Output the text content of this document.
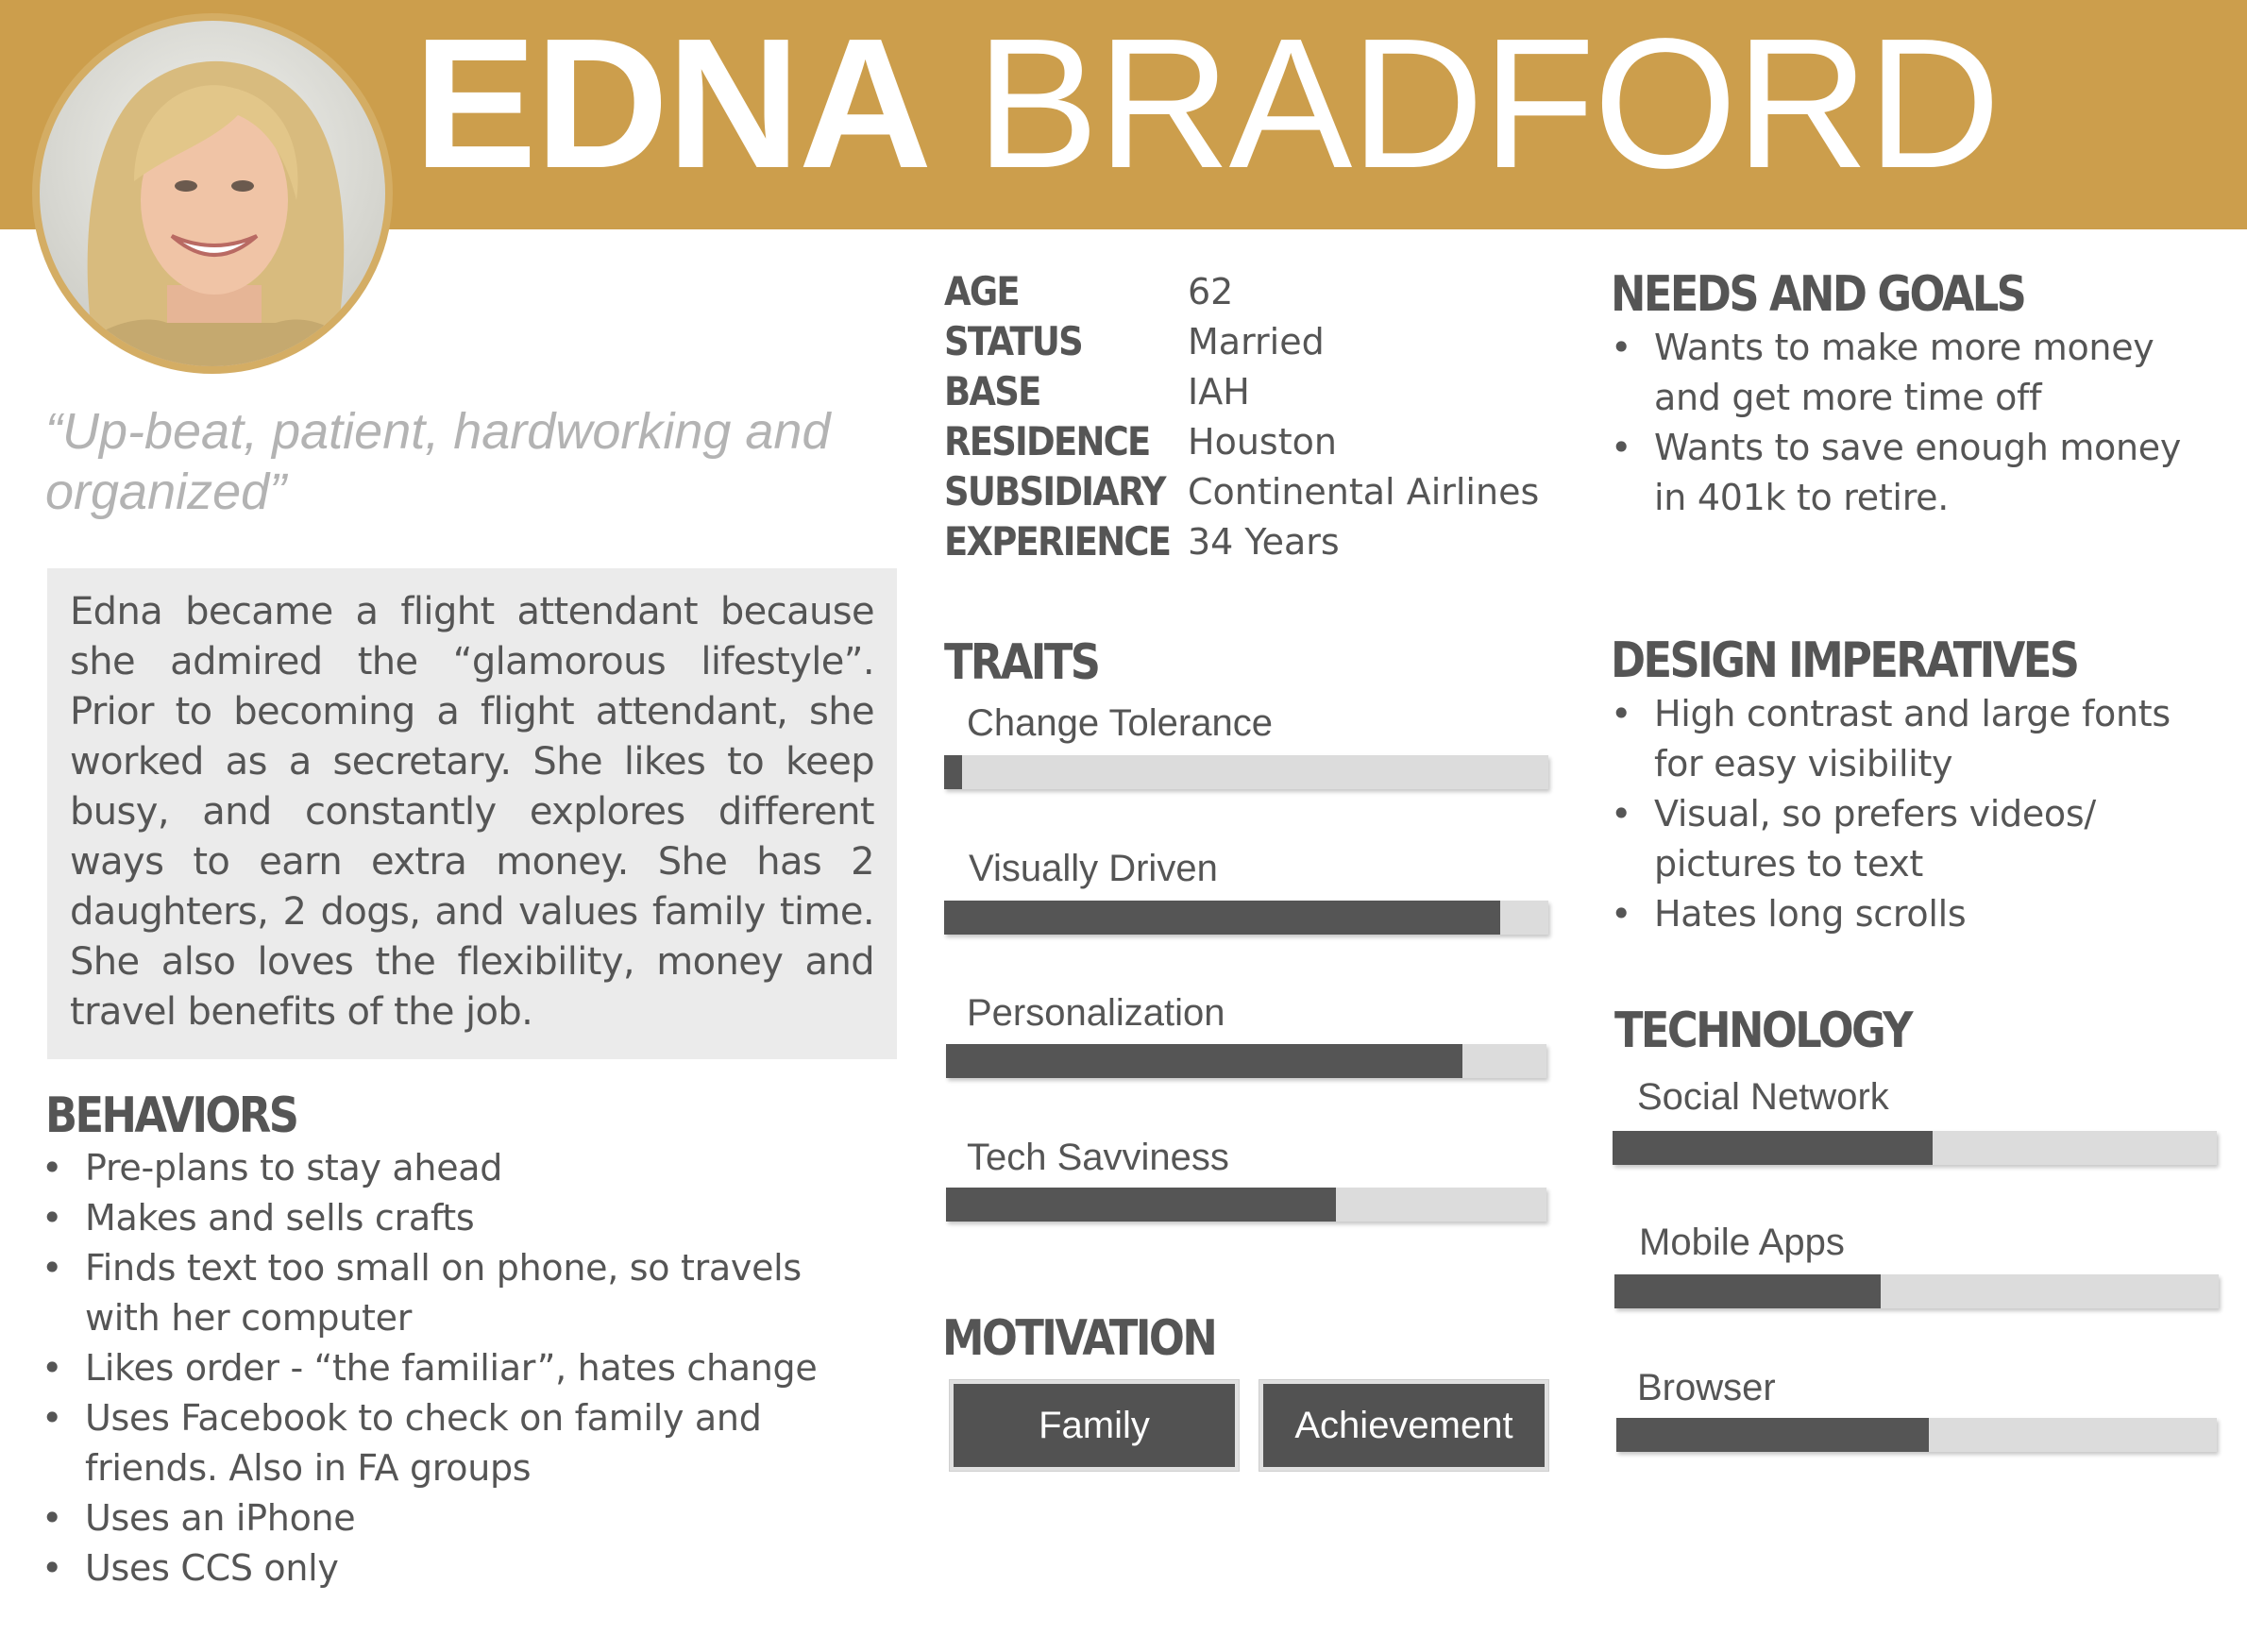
EDNA BRADFORD
“Up-beat, patient, hardworking and organized”

Edna became a flight attendant because she admired the “glamorous lifestyle”. Prior to becoming a flight attendant, she worked as a secretary. She likes to keep busy, and constantly explores different ways to earn extra money. She has 2 daughters, 2 dogs, and values family time. She also loves the flexibility, money and travel benefits of the job.

BEHAVIORS
• Pre-plans to stay ahead
• Makes and sells crafts
• Finds text too small on phone, so travels with her computer
• Likes order - “the familiar”, hates change
• Uses Facebook to check on family and friends. Also in FA groups
• Uses an iPhone
• Uses CCS only
AGE	62
STATUS	Married
BASE	IAH
RESIDENCE Houston
SUBSIDIARY Continental Airlines
EXPERIENCE 34 Years
TRAITS
Change Tolerance
Visually Driven
Personalization
Tech Savviness
MOTIVATION
Family	Achievement
NEEDS AND GOALS
• Wants to make more money and get more time off
• Wants to save enough money in 401k to retire.
DESIGN IMPERATIVES
• High contrast and large fonts for easy visibility
• Visual, so prefers videos/ pictures to text
• Hates long scrolls
TECHNOLOGY
Social Network
Mobile Apps
Browser
